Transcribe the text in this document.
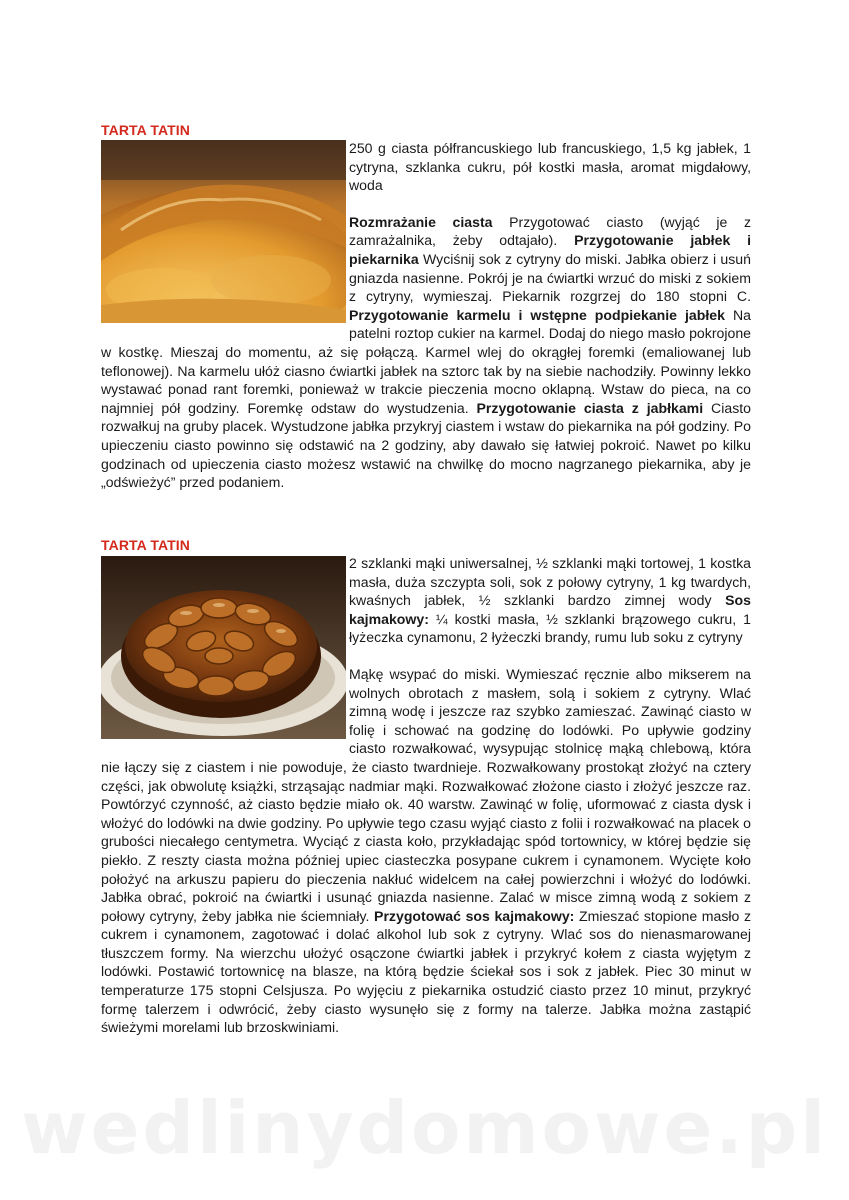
wedlinydomowe.pl
TARTA TATIN

250 g ciasta półfrancuskiego lub francuskiego, 1,5 kg jabłek, 1 cytryna, szklanka cukru, pół kostki masła, aromat migdałowy, woda

Rozmrażanie ciasta Przygotować ciasto (wyjąć je z zamrażalnika, żeby odtajało). Przygotowanie jabłek i piekarnika Wyciśnij sok z cytryny do miski. Jabłka obierz i usuń gniazda nasienne. Pokrój je na ćwiartki wrzuć do miski z sokiem z cytryny, wymieszaj. Piekarnik rozgrzej do 180 stopni C. Przygotowanie karmelu i wstępne podpiekanie jabłek Na patelni roztop cukier na karmel. Dodaj do niego masło pokrojone w kostkę. Mieszaj do momentu, aż się połączą. Karmel wlej do okrągłej foremki (emaliowanej lub teflonowej). Na karmelu ułóż ciasno ćwiartki jabłek na sztorc tak by na siebie nachodziły. Powinny lekko wystawać ponad rant foremki, ponieważ w trakcie pieczenia mocno oklapną. Wstaw do pieca, na co najmniej pół godziny. Foremkę odstaw do wystudzenia. Przygotowanie ciasta z jabłkami Ciasto rozwałkuj na gruby placek. Wystudzone jabłka przykryj ciastem i wstaw do piekarnika na pół godziny. Po upieczeniu ciasto powinno się odstawić na 2 godziny, aby dawało się łatwiej pokroić. Nawet po kilku godzinach od upieczenia ciasto możesz wstawić na chwilkę do mocno nagrzanego piekarnika, aby je „odświeżyć” przed podaniem.

TARTA TATIN

2 szklanki mąki uniwersalnej, ½ szklanki mąki tortowej, 1 kostka masła, duża szczypta soli, sok z połowy cytryny, 1 kg twardych, kwaśnych jabłek, ½ szklanki bardzo zimnej wody Sos kajmakowy: ¼ kostki masła, ½ szklanki brązowego cukru, 1 łyżeczka cynamonu, 2 łyżeczki brandy, rumu lub soku z cytryny

Mąkę wsypać do miski. Wymieszać ręcznie albo mikserem na wolnych obrotach z masłem, solą i sokiem z cytryny. Wlać zimną wodę i jeszcze raz szybko zamieszać. Zawinąć ciasto w folię i schować na godzinę do lodówki. Po upływie godziny ciasto rozwałkować, wysypując stolnicę mąką chlebową, która nie łączy się z ciastem i nie powoduje, że ciasto twardnieje. Rozwałkowany prostokąt złożyć na cztery części, jak obwolutę książki, strząsając nadmiar mąki. Rozwałkować złożone ciasto i złożyć jeszcze raz. Powtórzyć czynność, aż ciasto będzie miało ok. 40 warstw. Zawinąć w folię, uformować z ciasta dysk i włożyć do lodówki na dwie godziny. Po upływie tego czasu wyjąć ciasto z folii i rozwałkować na placek o grubości niecałego centymetra. Wyciąć z ciasta koło, przykładając spód tortownicy, w której będzie się piekło. Z reszty ciasta można później upiec ciasteczka posypane cukrem i cynamonem. Wycięte koło położyć na arkuszu papieru do pieczenia nakłuć widelcem na całej powierzchni i włożyć do lodówki. Jabłka obrać, pokroić na ćwiartki i usunąć gniazda nasienne. Zalać w misce zimną wodą z sokiem z połowy cytryny, żeby jabłka nie ściemniały. Przygotować sos kajmakowy: Zmieszać stopione masło z cukrem i cynamonem, zagotować i dolać alkohol lub sok z cytryny. Wlać sos do nienasmarowanej tłuszczem formy. Na wierzchu ułożyć osączone ćwiartki jabłek i przykryć kołem z ciasta wyjętym z lodówki. Postawić tortownicę na blasze, na którą będzie ściekał sos i sok z jabłek. Piec 30 minut w temperaturze 175 stopni Celsjusza. Po wyjęciu z piekarnika ostudzić ciasto przez 10 minut, przykryć formę talerzem i odwrócić, żeby ciasto wysunęło się z formy na talerze. Jabłka można zastąpić świeżymi morelami lub brzoskwiniami.
